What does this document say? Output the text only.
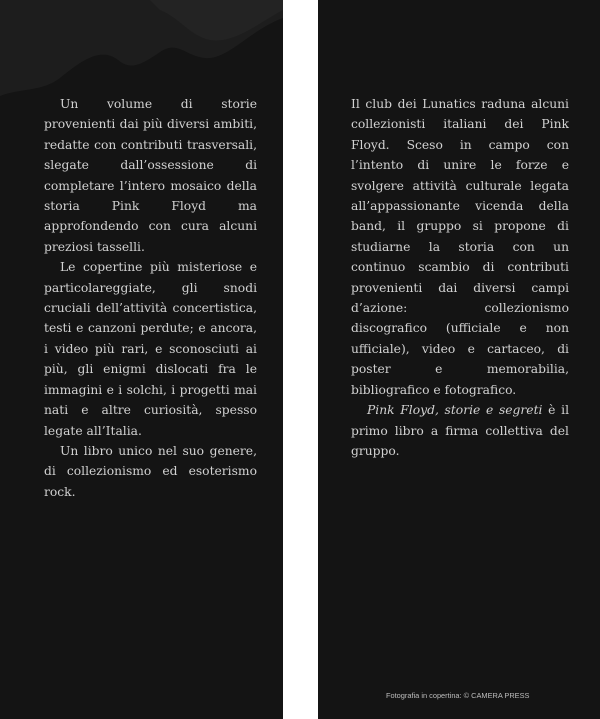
Un volume di storie provenienti dai più diversi ambiti, redatte con contributi trasversali, slegate dall’ossessione di completare l’intero mosaico della storia Pink Floyd ma approfondendo con cura alcuni preziosi tasselli.

Le copertine più misteriose e particolareggiate, gli snodi cruciali dell’attività concertistica, testi e canzoni perdute; e ancora, i video più rari, e sconosciuti ai più, gli enigmi dislocati fra le immagini e i solchi, i progetti mai nati e altre curiosità, spesso legate all’Italia.

Un libro unico nel suo genere, di collezionismo ed esoterismo rock.

Il club dei Lunatics raduna alcuni collezionisti italiani dei Pink Floyd. Sceso in campo con l’intento di unire le forze e svolgere attività culturale legata all’appassionante vicenda della band, il gruppo si propone di studiarne la storia con un continuo scambio di contributi provenienti dai diversi campi d’azione: collezionismo discografico (ufficiale e non ufficiale), video e cartaceo, di poster e memorabilia, bibliografico e fotografico.

Pink Floyd, storie e segreti è il primo libro a firma collettiva del gruppo.

Fotografia in copertina: © CAMERA PRESS
